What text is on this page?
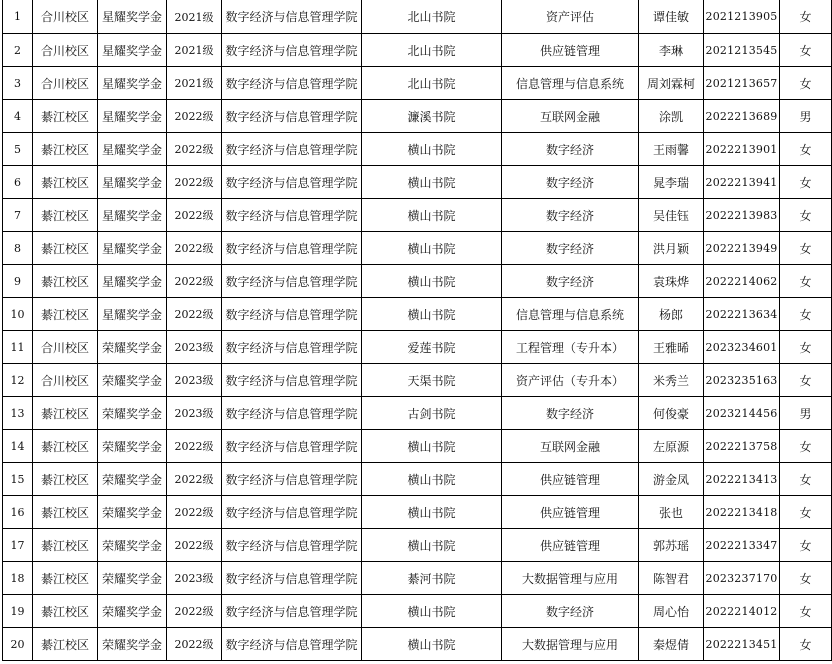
1	合川校区	星耀奖学金	2021级	数字经济与信息管理学院	北山书院	资产评估	谭佳敏	2021213905	女
2	合川校区	星耀奖学金	2021级	数字经济与信息管理学院	北山书院	供应链管理	李琳	2021213545	女
3	合川校区	星耀奖学金	2021级	数字经济与信息管理学院	北山书院	信息管理与信息系统	周刘霖柯	2021213657	女
4	綦江校区	星耀奖学金	2022级	数字经济与信息管理学院	濂溪书院	互联网金融	涂凯	2022213689	男
5	綦江校区	星耀奖学金	2022级	数字经济与信息管理学院	横山书院	数字经济	王雨馨	2022213901	女
6	綦江校区	星耀奖学金	2022级	数字经济与信息管理学院	横山书院	数字经济	晁李瑞	2022213941	女
7	綦江校区	星耀奖学金	2022级	数字经济与信息管理学院	横山书院	数字经济	吴佳钰	2022213983	女
8	綦江校区	星耀奖学金	2022级	数字经济与信息管理学院	横山书院	数字经济	洪月颖	2022213949	女
9	綦江校区	星耀奖学金	2022级	数字经济与信息管理学院	横山书院	数字经济	袁珠烨	2022214062	女
10	綦江校区	星耀奖学金	2022级	数字经济与信息管理学院	横山书院	信息管理与信息系统	杨郎	2022213634	女
11	合川校区	荣耀奖学金	2023级	数字经济与信息管理学院	爱莲书院	工程管理（专升本）	王雅晞	2023234601	女
12	合川校区	荣耀奖学金	2023级	数字经济与信息管理学院	天渠书院	资产评估（专升本）	米秀兰	2023235163	女
13	綦江校区	荣耀奖学金	2023级	数字经济与信息管理学院	古剑书院	数字经济	何俊豪	2023214456	男
14	綦江校区	荣耀奖学金	2022级	数字经济与信息管理学院	横山书院	互联网金融	左原源	2022213758	女
15	綦江校区	荣耀奖学金	2022级	数字经济与信息管理学院	横山书院	供应链管理	游金凤	2022213413	女
16	綦江校区	荣耀奖学金	2022级	数字经济与信息管理学院	横山书院	供应链管理	张也	2022213418	女
17	綦江校区	荣耀奖学金	2022级	数字经济与信息管理学院	横山书院	供应链管理	郭苏瑶	2022213347	女
18	綦江校区	荣耀奖学金	2023级	数字经济与信息管理学院	綦河书院	大数据管理与应用	陈智君	2023237170	女
19	綦江校区	荣耀奖学金	2022级	数字经济与信息管理学院	横山书院	数字经济	周心怡	2022214012	女
20	綦江校区	荣耀奖学金	2022级	数字经济与信息管理学院	横山书院	大数据管理与应用	秦煜倩	2022213451	女
